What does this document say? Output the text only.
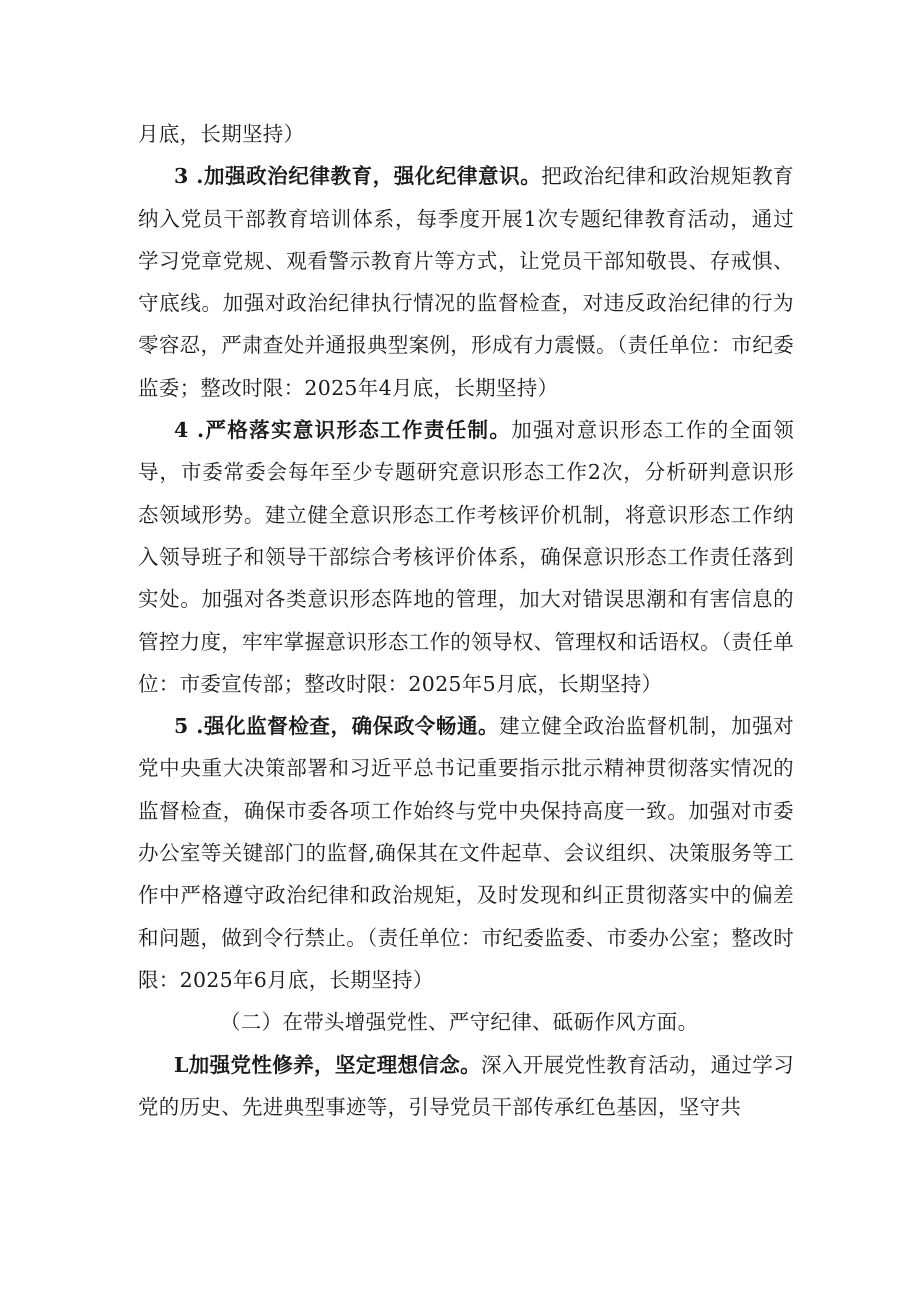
月底，长期坚持）

3 .加强政治纪律教育，强化纪律意识。把政治纪律和政治规矩教育纳入党员干部教育培训体系，每季度开展1次专题纪律教育活动，通过学习党章党规、观看警示教育片等方式，让党员干部知敬畏、存戒惧、守底线。加强对政治纪律执行情况的监督检查，对违反政治纪律的行为零容忍，严肃查处并通报典型案例，形成有力震慑。（责任单位：市纪委监委；整改时限：2025年4月底，长期坚持）

4 .严格落实意识形态工作责任制。加强对意识形态工作的全面领导，市委常委会每年至少专题研究意识形态工作2次，分析研判意识形态领域形势。建立健全意识形态工作考核评价机制，将意识形态工作纳入领导班子和领导干部综合考核评价体系，确保意识形态工作责任落到实处。加强对各类意识形态阵地的管理，加大对错误思潮和有害信息的管控力度，牢牢掌握意识形态工作的领导权、管理权和话语权。（责任单位：市委宣传部；整改时限：2025年5月底，长期坚持）

5 .强化监督检查，确保政令畅通。建立健全政治监督机制，加强对党中央重大决策部署和习近平总书记重要指示批示精神贯彻落实情况的监督检查，确保市委各项工作始终与党中央保持高度一致。加强对市委办公室等关键部门的监督,确保其在文件起草、会议组织、决策服务等工作中严格遵守政治纪律和政治规矩，及时发现和纠正贯彻落实中的偏差和问题，做到令行禁止。（责任单位：市纪委监委、市委办公室；整改时限：2025年6月底，长期坚持）

（二）在带头增强党性、严守纪律、砥砺作风方面。

L加强党性修养，坚定理想信念。深入开展党性教育活动，通过学习党的历史、先进典型事迹等，引导党员干部传承红色基因，坚守共
